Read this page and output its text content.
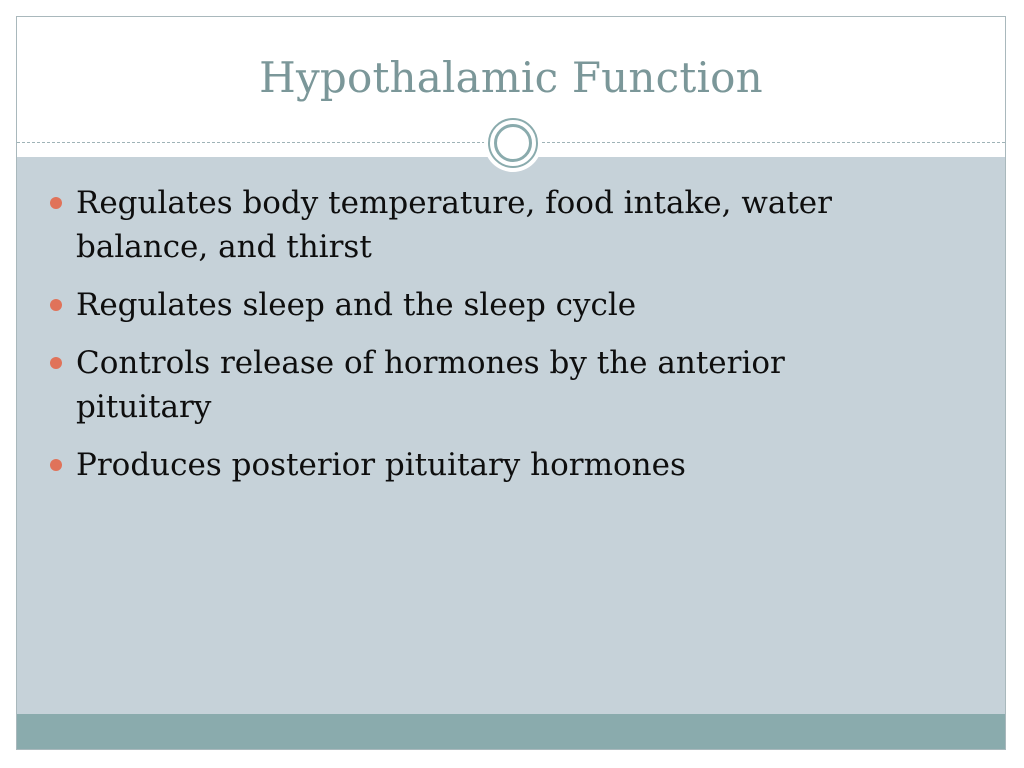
Hypothalamic Function
Regulates body temperature, food intake, water balance, and thirst
Regulates sleep and the sleep cycle
Controls release of hormones by the anterior pituitary
Produces posterior pituitary hormones
